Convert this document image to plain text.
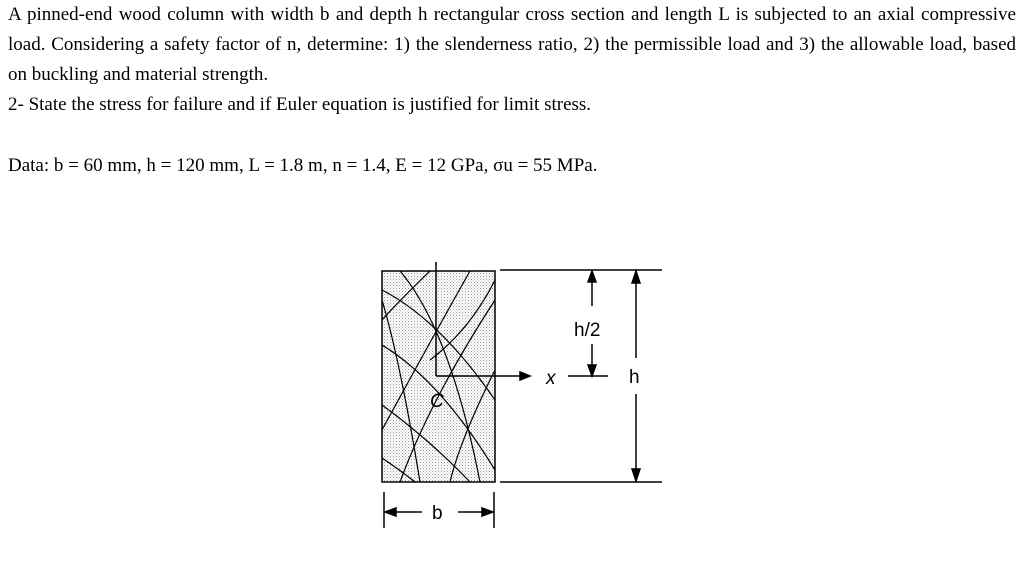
A pinned-end wood column with width b and depth h rectangular cross section and length L is subjected to an axial compressive load. Considering a safety factor of n, determine: 1) the slenderness ratio, 2) the permissible load and 3) the allowable load, based on buckling and material strength.

2- State the stress for failure and if Euler equation is justified for limit stress.

Data: b = 60 mm, h = 120 mm, L = 1.8 m, n = 1.4, E = 12 GPa, σu = 55 MPa.
h/2
h
x
C
b
